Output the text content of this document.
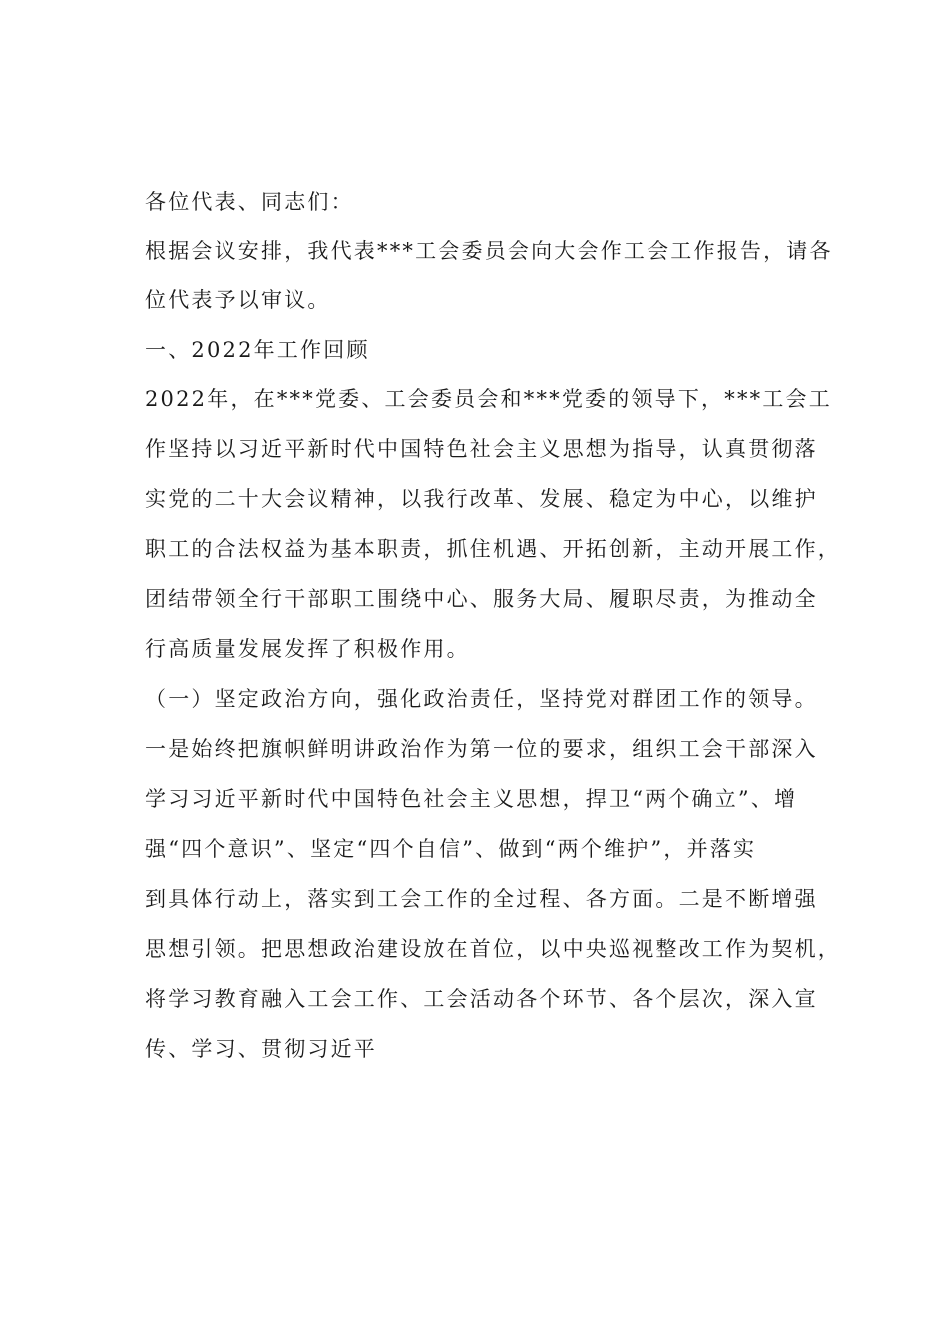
各位代表、同志们：
根据会议安排，我代表***工会委员会向大会作工会工作报告，请各
位代表予以审议。
一、2022年工作回顾
2022年，在***党委、工会委员会和***党委的领导下，***工会工
作坚持以习近平新时代中国特色社会主义思想为指导，认真贯彻落
实党的二十大会议精神，以我行改革、发展、稳定为中心，以维护
职工的合法权益为基本职责，抓住机遇、开拓创新，主动开展工作，
团结带领全行干部职工围绕中心、服务大局、履职尽责，为推动全
行高质量发展发挥了积极作用。
（一）坚定政治方向，强化政治责任，坚持党对群团工作的领导。
一是始终把旗帜鲜明讲政治作为第一位的要求，组织工会干部深入
学习习近平新时代中国特色社会主义思想，捍卫“两个确立”、增
强“四个意识”、坚定“四个自信”、做到“两个维护”，并落实
到具体行动上，落实到工会工作的全过程、各方面。二是不断增强
思想引领。把思想政治建设放在首位，以中央巡视整改工作为契机，
将学习教育融入工会工作、工会活动各个环节、各个层次，深入宣
传、学习、贯彻习近平
